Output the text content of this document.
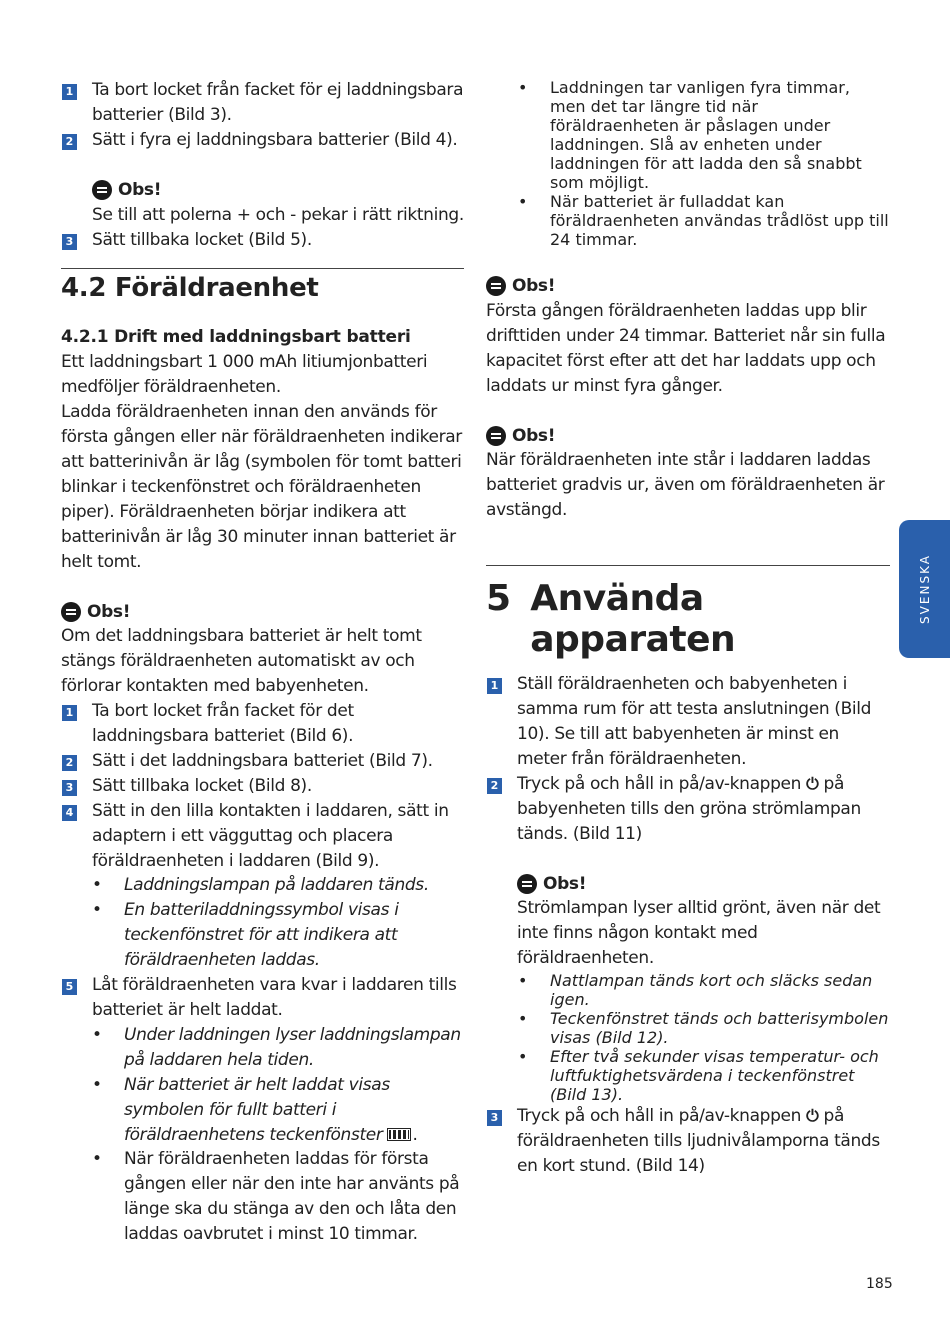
1 Ta bort locket från facket för ej laddningsbara batterier (Bild 3).
2 Sätt i fyra ej laddningsbara batterier (Bild 4).
Obs!
Se till att polerna + och - pekar i rätt riktning.
3 Sätt tillbaka locket (Bild 5).
4.2 Föräldraenhet
4.2.1 Drift med laddningsbart batteri
Ett laddningsbart 1 000 mAh litiumjonbatteri medföljer föräldraenheten.
Ladda föräldraenheten innan den används för första gången eller när föräldraenheten indikerar att batterinivån är låg (symbolen för tomt batteri blinkar i teckenfönstret och föräldraenheten piper). Föräldraenheten börjar indikera att batterinivån är låg 30 minuter innan batteriet är helt tomt.
Obs!
Om det laddningsbara batteriet är helt tomt stängs föräldraenheten automatiskt av och förlorar kontakten med babyenheten.
1 Ta bort locket från facket för det laddningsbara batteriet (Bild 6).
2 Sätt i det laddningsbara batteriet (Bild 7).
3 Sätt tillbaka locket (Bild 8).
4 Sätt in den lilla kontakten i laddaren, sätt in adaptern i ett vägguttag och placera föräldraenheten i laddaren (Bild 9).
• Laddningslampan på laddaren tänds.
• En batteriladdningssymbol visas i teckenfönstret för att indikera att föräldraenheten laddas.
5 Låt föräldraenheten vara kvar i laddaren tills batteriet är helt laddat.
• Under laddningen lyser laddningslampan på laddaren hela tiden.
• När batteriet är helt laddat visas symbolen för fullt batteri i föräldraenhetens teckenfönster .
• När föräldraenheten laddas för första gången eller när den inte har använts på länge ska du stänga av den och låta den laddas oavbrutet i minst 10 timmar.
• Laddningen tar vanligen fyra timmar, men det tar längre tid när föräldraenheten är påslagen under laddningen. Slå av enheten under laddningen för att ladda den så snabbt som möjligt.
• När batteriet är fulladdat kan föräldraenheten användas trådlöst upp till 24 timmar.
Obs!
Första gången föräldraenheten laddas upp blir drifttiden under 24 timmar. Batteriet når sin fulla kapacitet först efter att det har laddats upp och laddats ur minst fyra gånger.
Obs!
När föräldraenheten inte står i laddaren laddas batteriet gradvis ur, även om föräldraenheten är avstängd.
5 Använda apparaten
1 Ställ föräldraenheten och babyenheten i samma rum för att testa anslutningen (Bild 10). Se till att babyenheten är minst en meter från föräldraenheten.
2 Tryck på och håll in på/av-knappen ⏻ på babyenheten tills den gröna strömlampan tänds. (Bild 11)
Obs!
Strömlampan lyser alltid grönt, även när det inte finns någon kontakt med föräldraenheten.
• Nattlampan tänds kort och släcks sedan igen.
• Teckenfönstret tänds och batterisymbolen visas (Bild 12).
• Efter två sekunder visas temperatur- och luftfuktighetsvärdena i teckenfönstret (Bild 13).
3 Tryck på och håll in på/av-knappen ⏻ på föräldraenheten tills ljudnivålamporna tänds en kort stund. (Bild 14)
SVENSKA
185
